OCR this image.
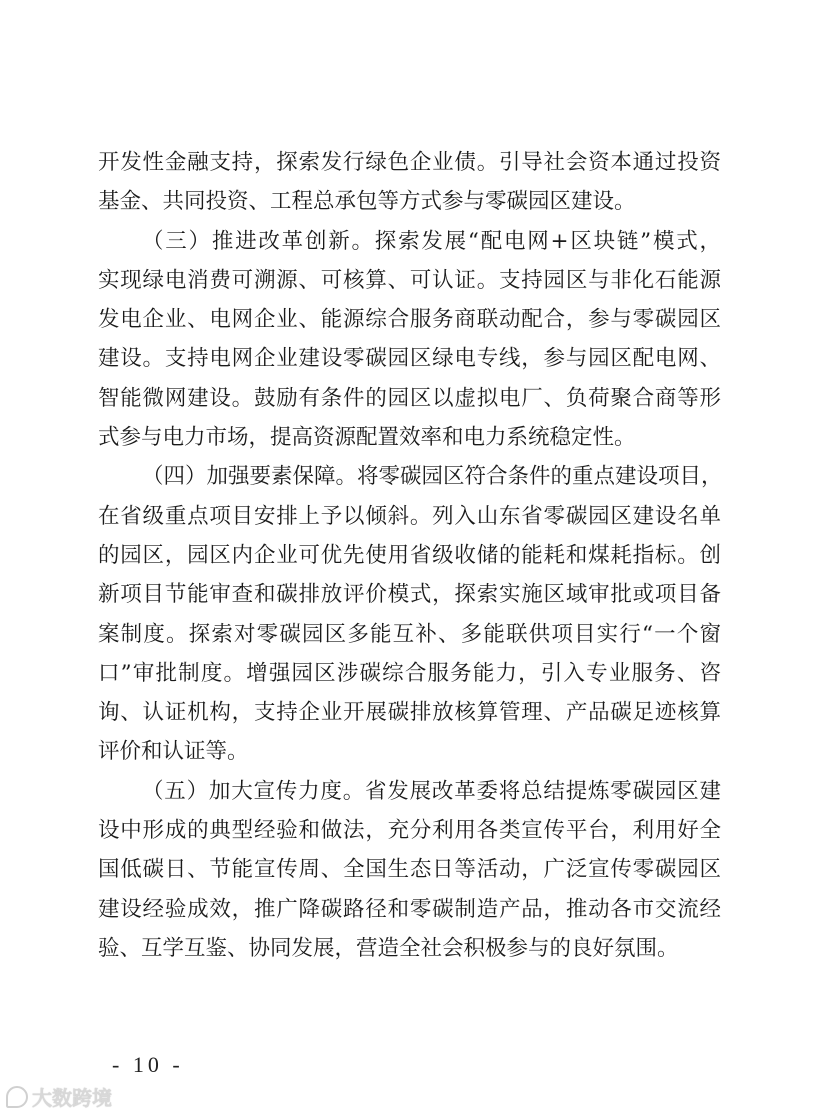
开发性金融支持，探索发行绿色企业债。引导社会资本通过投资
基金、共同投资、工程总承包等方式参与零碳园区建设。
（三）推进改革创新。探索发展“配电网+区块链”模式，
实现绿电消费可溯源、可核算、可认证。支持园区与非化石能源
发电企业、电网企业、能源综合服务商联动配合，参与零碳园区
建设。支持电网企业建设零碳园区绿电专线，参与园区配电网、
智能微网建设。鼓励有条件的园区以虚拟电厂、负荷聚合商等形
式参与电力市场，提高资源配置效率和电力系统稳定性。
（四）加强要素保障。将零碳园区符合条件的重点建设项目，
在省级重点项目安排上予以倾斜。列入山东省零碳园区建设名单
的园区，园区内企业可优先使用省级收储的能耗和煤耗指标。创
新项目节能审查和碳排放评价模式，探索实施区域审批或项目备
案制度。探索对零碳园区多能互补、多能联供项目实行“一个窗
口”审批制度。增强园区涉碳综合服务能力，引入专业服务、咨
询、认证机构，支持企业开展碳排放核算管理、产品碳足迹核算
评价和认证等。
（五）加大宣传力度。省发展改革委将总结提炼零碳园区建
设中形成的典型经验和做法，充分利用各类宣传平台，利用好全
国低碳日、节能宣传周、全国生态日等活动，广泛宣传零碳园区
建设经验成效，推广降碳路径和零碳制造产品，推动各市交流经
验、互学互鉴、协同发展，营造全社会积极参与的良好氛围。
- 10 -
大数跨境
